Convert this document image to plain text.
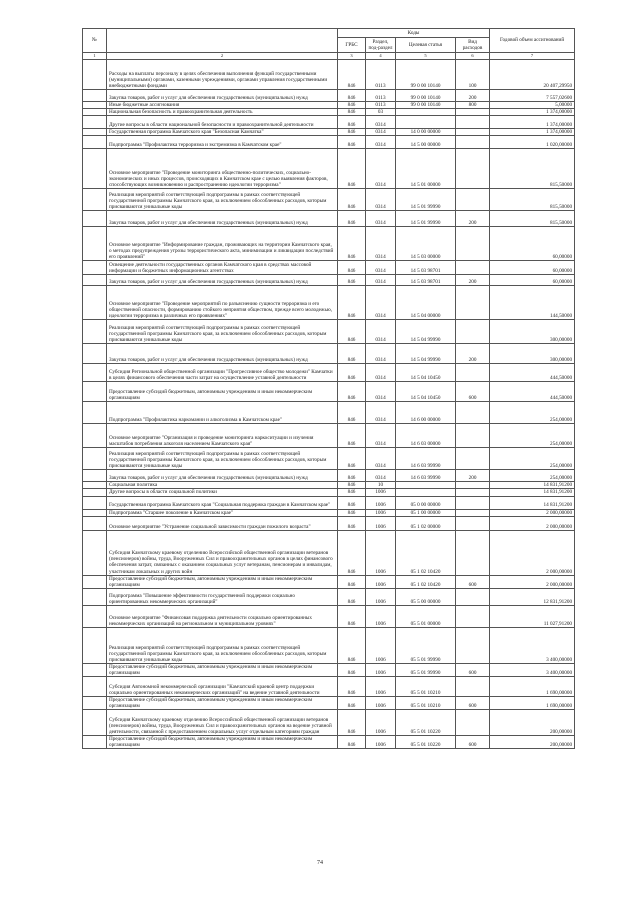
№		Коды				Годовой объем ассигнований
		ГРБС	Раздел, под-раздел	Целевая статья	Вид расходов	
1	2	3	4	5	6	7
	Расходы на выплаты персоналу в целях обеспечения выполнения функций государственными (муниципальными) органами, казенными учреждениями, органами управления государственными внебюджетными фондами	846	0113	99 0 00 10140	100	20 407,29950
	Закупка товаров, работ и услуг для обеспечения государственных (муниципальных) нужд	846	0113	99 0 00 10140	200	7 557,02600
	Иные бюджетные ассигнования	846	0113	99 0 00 10140	800	5,00000
	Национальная безопасность и правоохранительная деятельность	846	03			1 374,00000
	Другие вопросы в области национальной безопасности и правоохранительной деятельности	846	0314			1 374,00000
	Государственная программа Камчатского края "Безопасная Камчатка"	846	0314	14 0 00 00000		1 374,00000
	Подпрограмма "Профилактика терроризма и экстремизма в Камчатском крае"	846	0314	14 5 00 00000		1 020,00000
	Основное мероприятие "Проведение мониторинга общественно-политических, социально-экономических и иных процессов, происходящих в Камчатском крае с целью выявления факторов, способствующих возникновению и распространению идеологии терроризма"	846	0314	14 5 01 00000		815,50000
	Реализация мероприятий соответствующей подпрограммы в рамках соответствующей государственной программы Камчатского края, за исключением обособленных расходов, которым присваиваются уникальные коды	846	0314	14 5 01 99990		815,50000
	Закупка товаров, работ и услуг для обеспечения государственных (муниципальных) нужд	846	0314	14 5 01 99990	200	815,50000
	Основное мероприятие "Информирование граждан, проживающих на территории Камчатского края, о методах предупреждения угрозы террористического акта, минимизации и ликвидации последствий его проявлений"	846	0314	14 5 03 00000		60,00000
	Освещение деятельности государственных органов Камчатского края в средствах массовой информации и бюджетных информационных агентствах	846	0314	14 5 03 98701		60,00000
	Закупка товаров, работ и услуг для обеспечения государственных (муниципальных) нужд	846	0314	14 5 03 98701	200	60,00000
	Основное мероприятие "Проведение мероприятий по разъяснению сущности терроризма и его общественной опасности, формированию стойкого неприятия обществом, прежде всего молодежью, идеологии терроризма в различных его проявлениях"	846	0314	14 5 04 00000		144,50000
	Реализация мероприятий соответствующей подпрограммы в рамках соответствующей государственной программы Камчатского края, за исключением обособленных расходов, которым присваиваются уникальные коды	846	0314	14 5 04 99990		300,00000
	Закупка товаров, работ и услуг для обеспечения государственных (муниципальных) нужд	846	0314	14 5 04 99990	200	300,00000
	Субсидия Региональной общественной организации "Прогрессивное общество молодежи" Камчатки в целях финансового обеспечения части затрат на осуществление уставной деятельности	846	0314	14 5 04 10450		444,50000
	Предоставление субсидий бюджетным, автономным учреждениям и иным некоммерческим организациям	846	0314	14 5 04 10450	600	444,50000
	Подпрограмма "Профилактика наркомании и алкоголизма в Камчатском крае"	846	0314	14 6 00 00000		254,00000
	Основное мероприятие "Организация и проведение мониторинга наркоситуации и изучения масштабов потребления алкоголя населением Камчатского края"	846	0314	14 6 03 00000		254,00000
	Реализация мероприятий соответствующей подпрограммы в рамках соответствующей государственной программы Камчатского края, за исключением обособленных расходов, которым присваиваются уникальные коды	846	0314	14 6 03 99990		254,00000
	Закупка товаров, работ и услуг для обеспечения государственных (муниципальных) нужд	846	0314	14 6 03 99990	200	254,00000
	Социальная политика	846	10			14 831,91200
	Другие вопросы в области социальной политики	846	1006			14 831,91200
	Государственная программа Камчатского края "Социальная поддержка граждан в Камчатском крае"	846	1006	05 0 00 00000		14 831,91200
	Подпрограмма "Старшее поколение в Камчатском крае"	846	1006	05 1 00 00000		2 000,00000
	Основное мероприятие "Устранение социальной зависимости граждан пожилого возраста"	846	1006	05 1 02 00000		2 000,00000
	Субсидия Камчатскому краевому отделению Всероссийской общественной организации ветеранов (пенсионеров) войны, труда, Вооруженных Сил и правоохранительных органов в целях финансового обеспечения затрат, связанных с оказанием социальных услуг ветеранам, пенсионерам и инвалидам, участникам локальных и других войн	846	1006	05 1 02 10420		2 000,00000
	Предоставление субсидий бюджетным, автономным учреждениям и иным некоммерческим организациям	846	1006	05 1 02 10420	600	2 000,00000
	Подпрограмма "Повышение эффективности государственной поддержки социально ориентированных некоммерческих организаций"	846	1006	05 5 00 00000		12 831,91200
	Основное мероприятие "Финансовая поддержка деятельности социально ориентированных некоммерческих организаций на региональном и муниципальном уровнях"	846	1006	05 5 01 00000		11 027,91200
	Реализация мероприятий соответствующей подпрограммы в рамках соответствующей государственной программы Камчатского края, за исключением обособленных расходов, которым присваиваются уникальные коды	846	1006	05 5 01 99990		3 400,00000
	Предоставление субсидий бюджетным, автономным учреждениям и иным некоммерческим организациям	846	1006	05 5 01 99990	600	3 400,00000
	Субсидия Автономной некоммерческой организации "Камчатский краевой центр поддержки социально ориентированных некоммерческих организаций" на ведение уставной деятельности	846	1006	05 5 01 10210		1 690,00000
	Предоставление субсидий бюджетным, автономным учреждениям и иным некоммерческим организациям	846	1006	05 5 01 10210	600	1 690,00000
	Субсидия Камчатскому краевому отделению Всероссийской общественной организации ветеранов (пенсионеров) войны, труда, Вооруженных Сил и правоохранительных органов на ведение уставной деятельности, связанной с предоставлением социальных услуг отдельным категориям граждан	846	1006	05 5 01 10220		200,00000
	Предоставление субсидий бюджетным, автономным учреждениям и иным некоммерческим организациям	846	1006	05 5 01 10220	600	200,00000
74
